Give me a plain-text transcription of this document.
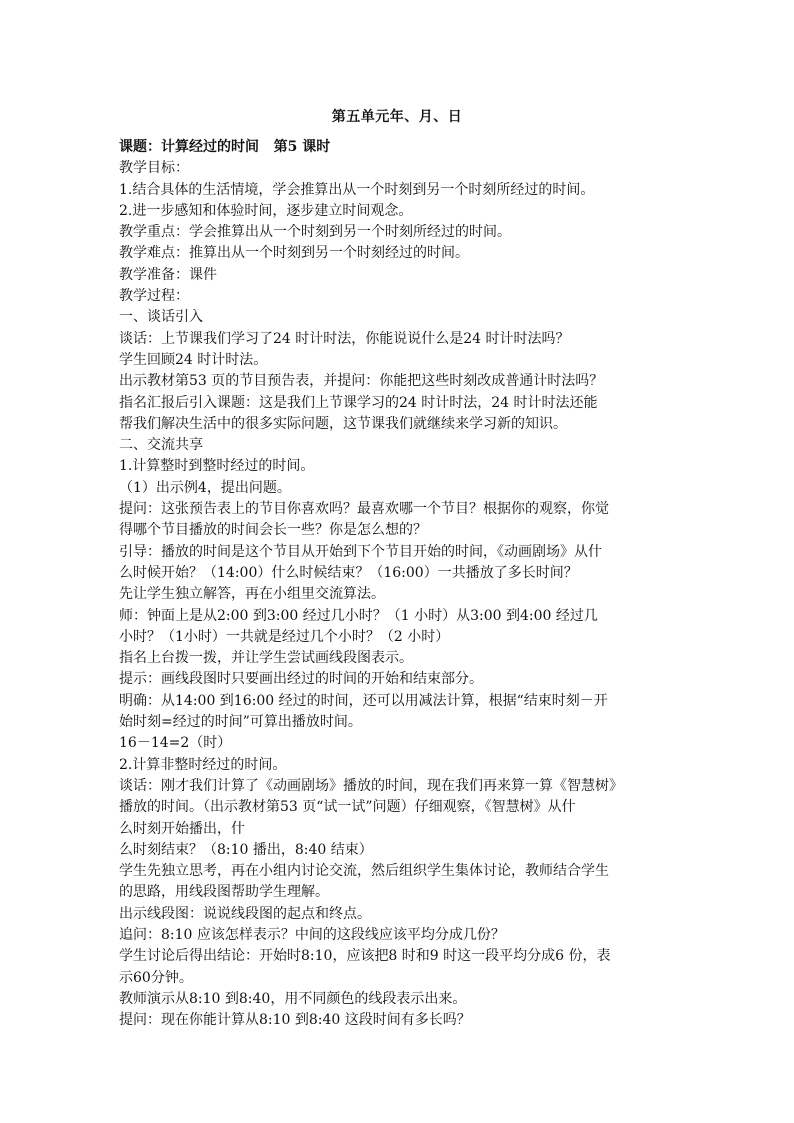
第五单元年、月、日
课题：计算经过的时间   第5 课时
教学目标：
1.结合具体的生活情境，学会推算出从一个时刻到另一个时刻所经过的时间。
2.进一步感知和体验时间，逐步建立时间观念。
教学重点：学会推算出从一个时刻到另一个时刻所经过的时间。
教学难点：推算出从一个时刻到另一个时刻经过的时间。
教学准备：课件
教学过程：
一、谈话引入
谈话：上节课我们学习了24 时计时法，你能说说什么是24 时计时法吗？
学生回顾24 时计时法。
出示教材第53 页的节目预告表，并提问：你能把这些时刻改成普通计时法吗？
指名汇报后引入课题：这是我们上节课学习的24 时计时法，24 时计时法还能
帮我们解决生活中的很多实际问题，这节课我们就继续来学习新的知识。
二、交流共享
1.计算整时到整时经过的时间。
（1）出示例4，提出问题。
提问：这张预告表上的节目你喜欢吗？最喜欢哪一个节目？根据你的观察，你觉
得哪个节目播放的时间会长一些？你是怎么想的？
引导：播放的时间是这个节目从开始到下个节目开始的时间，《动画剧场》从什
么时候开始？（14:00）什么时候结束？（16:00）一共播放了多长时间？
先让学生独立解答，再在小组里交流算法。
师：钟面上是从2:00 到3:00 经过几小时？（1 小时）从3:00 到4:00 经过几
小时？（1小时）一共就是经过几个小时？（2 小时）
指名上台拨一拨，并让学生尝试画线段图表示。
提示：画线段图时只要画出经过的时间的开始和结束部分。
明确：从14:00 到16:00 经过的时间，还可以用减法计算，根据“结束时刻－开
始时刻=经过的时间”可算出播放时间。
16－14=2（时）
2.计算非整时经过的时间。
谈话：刚才我们计算了《动画剧场》播放的时间，现在我们再来算一算《智慧树》
播放的时间。（出示教材第53 页“试一试”问题）仔细观察，《智慧树》从什
么时刻开始播出，什
么时刻结束？（8:10 播出，8:40 结束）
学生先独立思考，再在小组内讨论交流，然后组织学生集体讨论，教师结合学生
的思路，用线段图帮助学生理解。
出示线段图：说说线段图的起点和终点。
追问：8:10 应该怎样表示？中间的这段线应该平均分成几份？
学生讨论后得出结论：开始时8:10，应该把8 时和9 时这一段平均分成6 份，表
示60分钟。
教师演示从8:10 到8:40，用不同颜色的线段表示出来。
提问：现在你能计算从8:10 到8:40 这段时间有多长吗？
